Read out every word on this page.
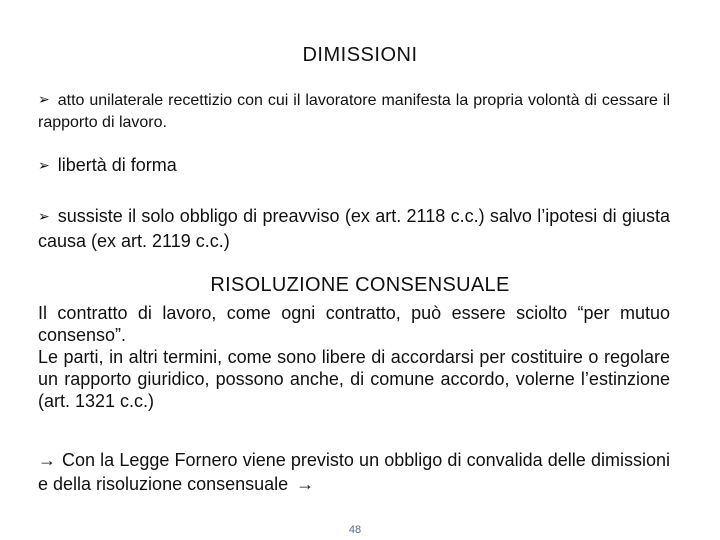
DIMISSIONI
➢ atto unilaterale recettizio con cui il lavoratore manifesta la propria volontà di cessare il rapporto di lavoro.
➢ libertà di forma
➢ sussiste il solo obbligo di preavviso (ex art. 2118 c.c.) salvo l’ipotesi di giusta causa (ex art. 2119 c.c.)
RISOLUZIONE CONSENSUALE
Il contratto di lavoro, come ogni contratto, può essere sciolto “per mutuo consenso”.
Le parti, in altri termini, come sono libere di accordarsi per costituire o regolare un rapporto giuridico, possono anche, di comune accordo, volerne l’estinzione (art. 1321 c.c.)
→ Con la Legge Fornero viene previsto un obbligo di convalida delle dimissioni e della risoluzione consensuale →
48
